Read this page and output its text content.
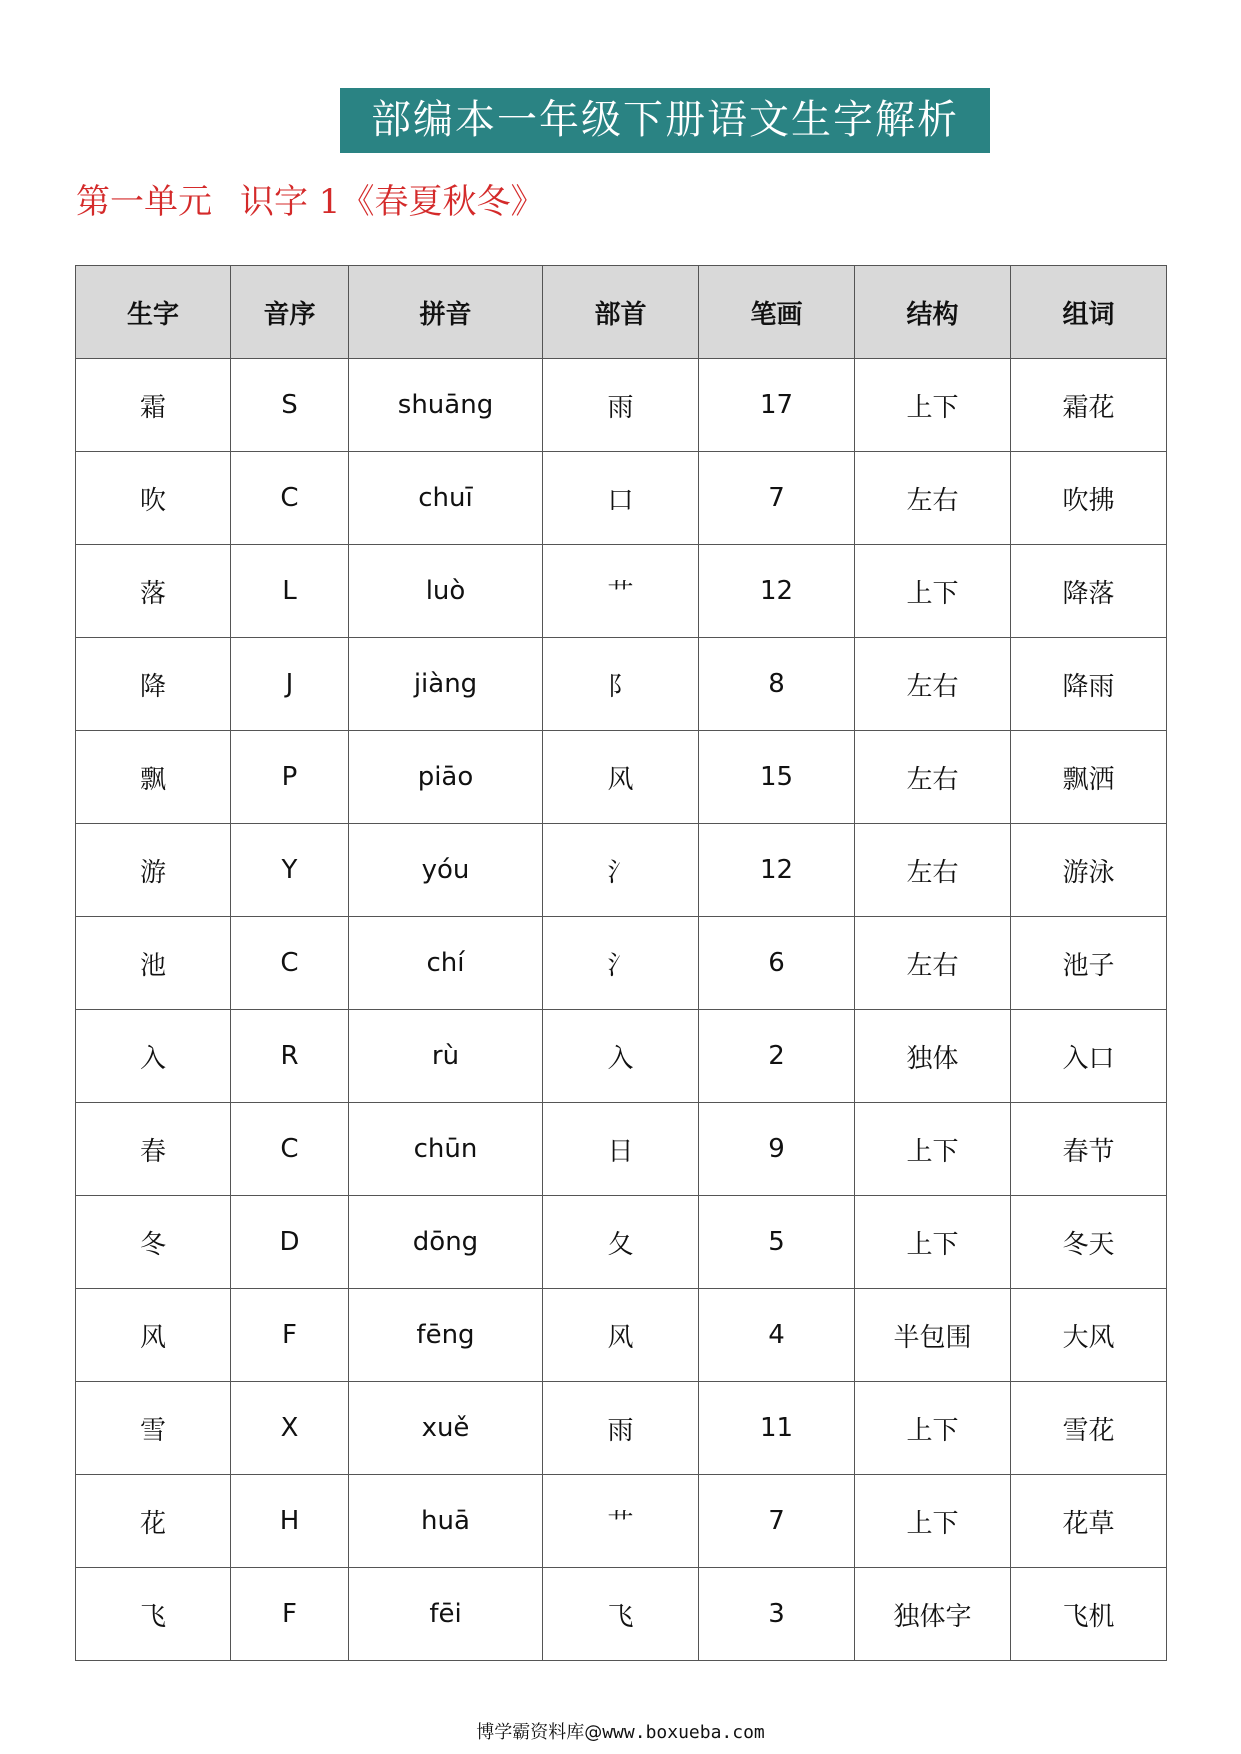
部编本一年级下册语文生字解析
第一单元 识字 1《春夏秋冬》
生字	音序	拼音	部首	笔画	结构	组词
霜	S	shuāng	雨	17	上下	霜花
吹	C	chuī	口	7	左右	吹拂
落	L	luò	艹	12	上下	降落
降	J	jiàng	阝	8	左右	降雨
飘	P	piāo	风	15	左右	飘洒
游	Y	yóu	氵	12	左右	游泳
池	C	chí	氵	6	左右	池子
入	R	rù	入	2	独体	入口
春	C	chūn	日	9	上下	春节
冬	D	dōng	夂	5	上下	冬天
风	F	fēng	风	4	半包围	大风
雪	X	xuě	雨	11	上下	雪花
花	H	huā	艹	7	上下	花草
飞	F	fēi	飞	3	独体字	飞机
博学霸资料库@www.boxueba.com
